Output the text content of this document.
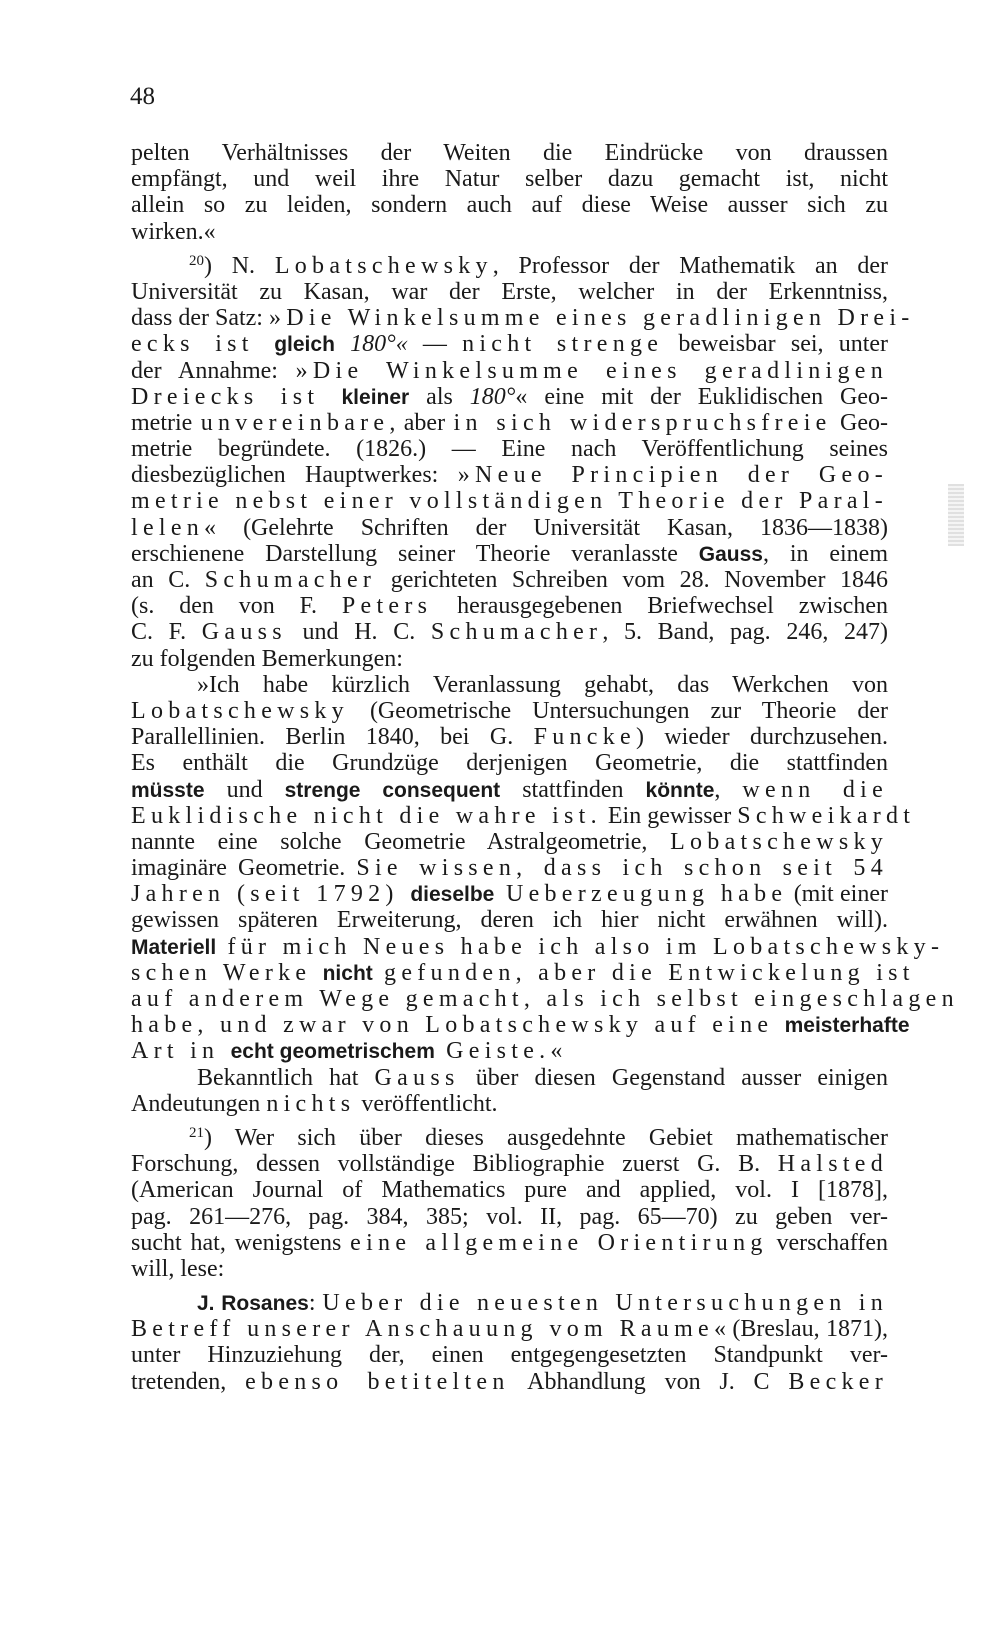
48

pelten Verhältnisses der Weiten die Eindrücke von draussen
empfängt, und weil ihre Natur selber dazu gemacht ist, nicht
allein so zu leiden, sondern auch auf diese Weise ausser sich zu
wirken.«

$^{20}$) N. Lobatschewsky, Professor der Mathematik an der
Universität zu Kasan, war der Erste, welcher in der Erkenntniss,
dass der Satz: »Die Winkelsumme eines geradlinigen Drei-
ecks ist gleich 180°« — nicht strenge beweisbar sei, unter
der Annahme: »Die Winkelsumme eines geradlinigen
Dreiecks ist kleiner als 180°« eine mit der Euklidischen Geo-
metrie unvereinbare, aber in sich widerspruchsfreie Geo-
metrie begründete. (1826.) — Eine nach Veröffentlichung seines
diesbezüglichen Hauptwerkes: »Neue Principien der Geo-
metrie nebst einer vollständigen Theorie der Paral-
lelen« (Gelehrte Schriften der Universität Kasan, 1836—1838)
erschienene Darstellung seiner Theorie veranlasste Gauss, in einem
an C. Schumacher gerichteten Schreiben vom 28. November 1846
(s. den von F. Peters herausgegebenen Briefwechsel zwischen
C. F. Gauss und H. C. Schumacher, 5. Band, pag. 246, 247)
zu folgenden Bemerkungen:

»Ich habe kürzlich Veranlassung gehabt, das Werkchen von
Lobatschewsky (Geometrische Untersuchungen zur Theorie der
Parallellinien. Berlin 1840, bei G. Funcke) wieder durchzusehen.
Es enthält die Grundzüge derjenigen Geometrie, die stattfinden
müsste und strenge consequent stattfinden könnte, wenn die
Euklidische nicht die wahre ist. Ein gewisser Schweikardt
nannte eine solche Geometrie Astralgeometrie, Lobatschewsky
imaginäre Geometrie. Sie wissen, dass ich schon seit 54
Jahren (seit 1792) dieselbe Ueberzeugung habe (mit einer
gewissen späteren Erweiterung, deren ich hier nicht erwähnen will).
Materiell für mich Neues habe ich also im Lobatschewsky-
schen Werke nicht gefunden, aber die Entwickelung ist
auf anderem Wege gemacht, als ich selbst eingeschlagen
habe, und zwar von Lobatschewsky auf eine meisterhafte
Art in echt geometrischem Geiste.«

Bekanntlich hat Gauss über diesen Gegenstand ausser einigen
Andeutungen nichts veröffentlicht.

$^{21}$) Wer sich über dieses ausgedehnte Gebiet mathematischer
Forschung, dessen vollständige Bibliographie zuerst G. B. Halsted
(American Journal of Mathematics pure and applied, vol. I [1878],
pag. 261—276, pag. 384, 385; vol. II, pag. 65—70) zu geben ver-
sucht hat, wenigstens eine allgemeine Orientirung verschaffen
will, lese:

J. Rosanes: Ueber die neuesten Untersuchungen in
Betreff unserer Anschauung vom Raume« (Breslau, 1871),
unter Hinzuziehung der, einen entgegengesetzten Standpunkt ver-
tretenden, ebenso betitelten Abhandlung von J. C Becker
